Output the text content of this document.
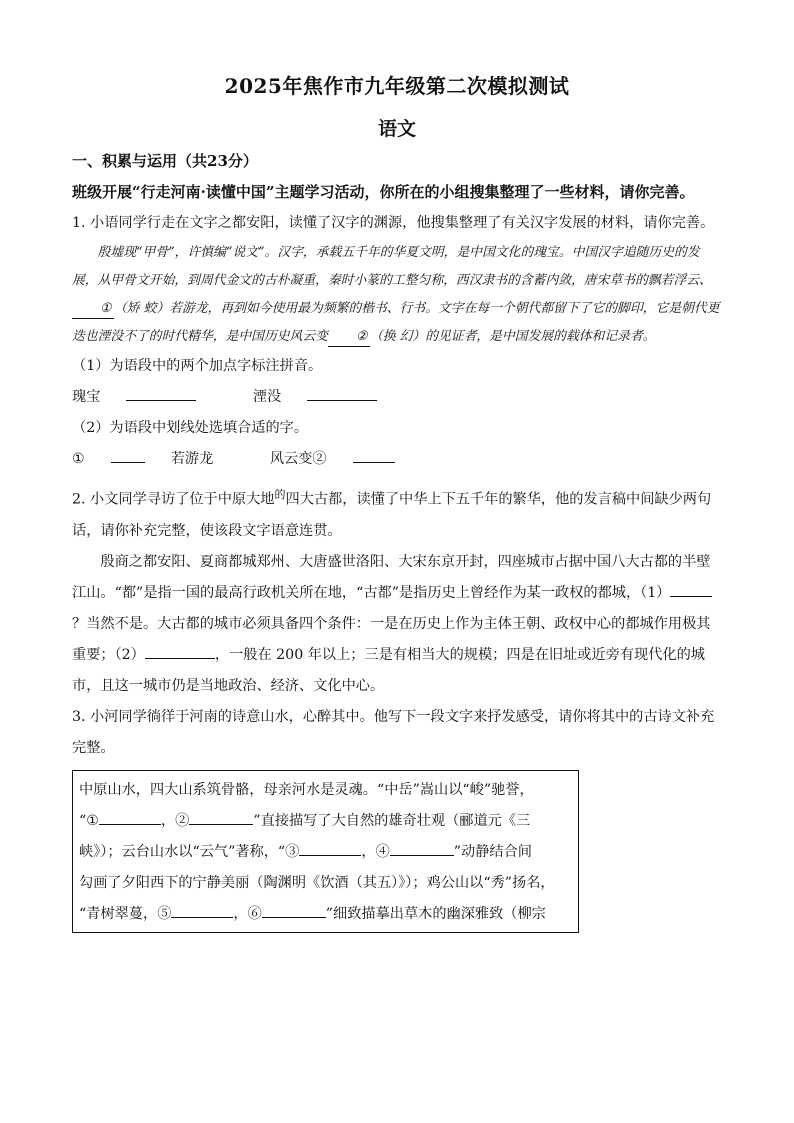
2025年焦作市九年级第二次模拟测试
语文

一、积累与运用（共23分）

班级开展“行走河南·读懂中国”主题学习活动，你所在的小组搜集整理了一些材料，请你完善。

1. 小语同学行走在文字之都安阳，读懂了汉字的渊源，他搜集整理了有关汉字发展的材料，请你完善。

殷墟现“甲骨”，许慎编“说文”。汉字，承载五千年的华夏文明，是中国文化的瑰宝。中国汉字追随历史的发展，从甲骨文开始，到周代金文的古朴凝重，秦时小篆的工整匀称，西汉隶书的含蓄内敛，唐宋草书的飘若浮云、① （矫 蛟）若游龙，再到如今使用最为频繁的楷书、行书。文字在每一个朝代都留下了它的脚印，它是朝代更迭也湮没不了的时代精华，是中国历史风云变 ② （换 幻）的见证者，是中国发展的载体和记录者。

（1）为语段中的两个加点字标注拼音。

瑰宝	湮没

（2）为语段中划线处选填合适的字。

①	若游龙	风云变②

2. 小文同学寻访了位于中原大地$^的$四大古都，读懂了中华上下五千年的繁华，他的发言稿中间缺少两句话，请你补充完整，使该段文字语意连贯。

殷商之都安阳、夏商都城郑州、大唐盛世洛阳、大宋东京开封，四座城市占据中国八大古都的半壁江山。“都”是指一国的最高行政机关所在地，“古都”是指历史上曾经作为某一政权的都城，（1）？当然不是。大古都的城市必须具备四个条件：一是在历史上作为主体王朝、政权中心的都城作用极其重要；（2）	，一般在 200 年以上；三是有相当大的规模；四是在旧址或近旁有现代化的城市，且这一城市仍是当地政治、经济、文化中心。

3. 小河同学徜徉于河南的诗意山水，心醉其中。他写下一段文字来抒发感受，请你将其中的古诗文补充完整。

中原山水，四大山系筑骨骼，母亲河水是灵魂。“中岳”嵩山以“峻”驰誉，
“①	，②	”直接描写了大自然的雄奇壮观（郦道元《三
峡》）；云台山水以“云气”著称，“③	，④	”动静结合间
勾画了夕阳西下的宁静美丽（陶渊明《饮酒（其五）》）；鸡公山以“秀”扬名，
“青树翠蔓，⑤	，⑥	”细致描摹出草木的幽深雅致（柳宗
